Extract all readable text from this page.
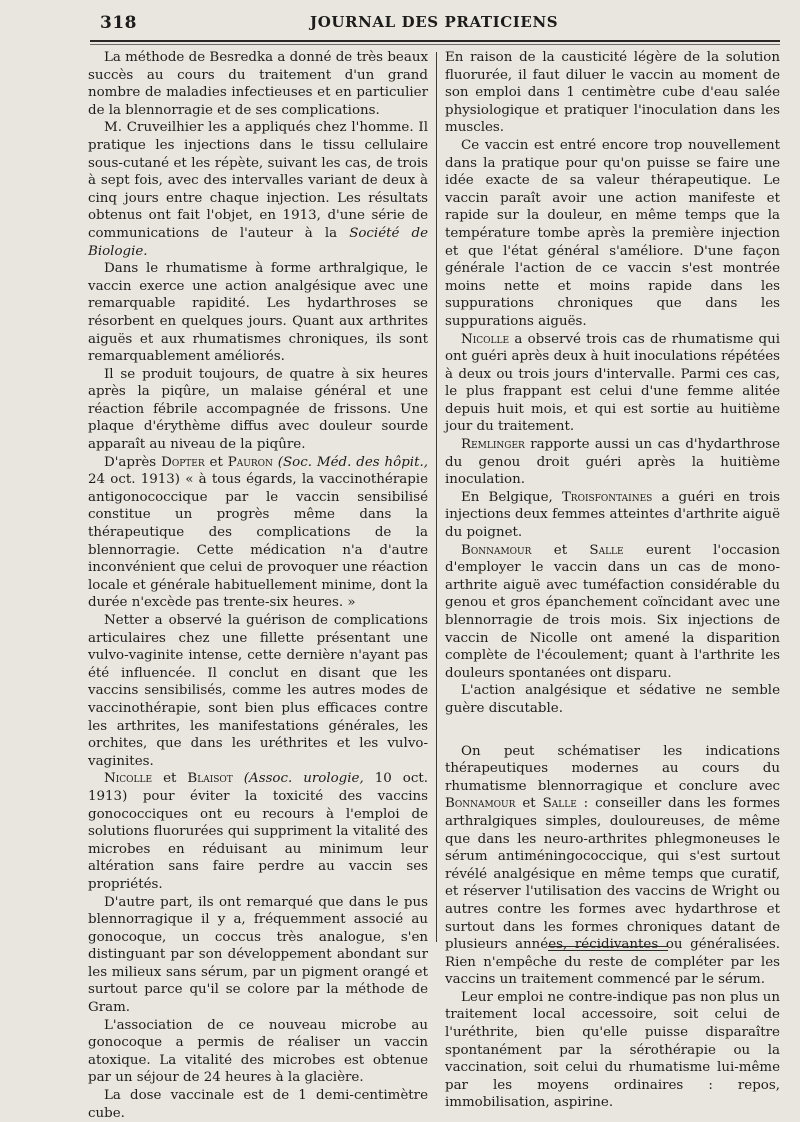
318	JOURNAL DES PRATICIENS

La méthode de Besredka a donné de très beaux succès au cours du traitement d'un grand nombre de maladies infectieuses et en particulier de la blennorragie et de ses complications.

M. Cruveilhier les a appliqués chez l'homme. Il pratique les injections dans le tissu cellulaire sous-cutané et les répète, suivant les cas, de trois à sept fois, avec des intervalles variant de deux à cinq jours entre chaque injection. Les résultats obtenus ont fait l'objet, en 1913, d'une série de communications de l'auteur à la Société de Biologie.

Dans le rhumatisme à forme arthralgique, le vaccin exerce une action analgésique avec une remarquable rapidité. Les hydarthroses se résorbent en quelques jours. Quant aux arthrites aiguës et aux rhumatismes chroniques, ils sont remarquablement améliorés.

Il se produit toujours, de quatre à six heures après la piqûre, un malaise général et une réaction fébrile accompagnée de frissons. Une plaque d'érythème diffus avec douleur sourde apparaît au niveau de la piqûre.

D'après Dopter et Pauron (Soc. Méd. des hôpit., 24 oct. 1913) « à tous égards, la vaccinothérapie antigonococcique par le vaccin sensibilisé constitue un progrès même dans la thérapeutique des complications de la blennorragie. Cette médication n'a d'autre inconvénient que celui de provoquer une réaction locale et générale habituellement minime, dont la durée n'excède pas trente-six heures. »

Netter a observé la guérison de complications articulaires chez une fillette présentant une vulvo-vaginite intense, cette dernière n'ayant pas été influencée. Il conclut en disant que les vaccins sensibilisés, comme les autres modes de vaccinothérapie, sont bien plus efficaces contre les arthrites, les manifestations générales, les orchites, que dans les uréthrites et les vulvo-vaginites.

Nicolle et Blaisot (Assoc. urologie, 10 oct. 1913) pour éviter la toxicité des vaccins gonococciques ont eu recours à l'emploi de solutions fluorurées qui suppriment la vitalité des microbes en réduisant au minimum leur altération sans faire perdre au vaccin ses propriétés.

D'autre part, ils ont remarqué que dans le pus blennorragique il y a, fréquemment associé au gonocoque, un coccus très analogue, s'en distinguant par son développement abondant sur les milieux sans sérum, par un pigment orangé et surtout parce qu'il se colore par la méthode de Gram.

L'association de ce nouveau microbe au gonocoque a permis de réaliser un vaccin atoxique. La vitalité des microbes est obtenue par un séjour de 24 heures à la glacière.

La dose vaccinale est de 1 demi-centimètre cube.

En raison de la causticité légère de la solution fluorurée, il faut diluer le vaccin au moment de son emploi dans 1 centimètre cube d'eau salée physiologique et pratiquer l'inoculation dans les muscles.

Ce vaccin est entré encore trop nouvellement dans la pratique pour qu'on puisse se faire une idée exacte de sa valeur thérapeutique. Le vaccin paraît avoir une action manifeste et rapide sur la douleur, en même temps que la température tombe après la première injection et que l'état général s'améliore. D'une façon générale l'action de ce vaccin s'est montrée moins nette et moins rapide dans les suppurations chroniques que dans les suppurations aiguës.

Nicolle a observé trois cas de rhumatisme qui ont guéri après deux à huit inoculations répétées à deux ou trois jours d'intervalle. Parmi ces cas, le plus frappant est celui d'une femme alitée depuis huit mois, et qui est sortie au huitième jour du traitement.

Remlinger rapporte aussi un cas d'hydarthrose du genou droit guéri après la huitième inoculation.

En Belgique, Troisfontaines a guéri en trois injections deux femmes atteintes d'arthrite aiguë du poignet.

Bonnamour et Salle eurent l'occasion d'employer le vaccin dans un cas de mono-arthrite aiguë avec tuméfaction considérable du genou et gros épanchement coïncidant avec une blennorragie de trois mois. Six injections de vaccin de Nicolle ont amené la disparition complète de l'écoulement; quant à l'arthrite les douleurs spontanées ont disparu.

L'action analgésique et sédative ne semble guère discutable.

On peut schématiser les indications thérapeutiques modernes au cours du rhumatisme blennorragique et conclure avec Bonnamour et Salle : conseiller dans les formes arthralgiques simples, douloureuses, de même que dans les neuro-arthrites phlegmoneuses le sérum antiméningococcique, qui s'est surtout révélé analgésique en même temps que curatif, et réserver l'utilisation des vaccins de Wright ou autres contre les formes avec hydarthrose et surtout dans les formes chroniques datant de plusieurs années, récidivantes ou généralisées. Rien n'empêche du reste de compléter par les vaccins un traitement commencé par le sérum.

Leur emploi ne contre-indique pas non plus un traitement local accessoire, soit celui de l'uréthrite, bien qu'elle puisse disparaître spontanément par la sérothérapie ou la vaccination, soit celui du rhumatisme lui-même par les moyens ordinaires : repos, immobilisation, aspirine.
